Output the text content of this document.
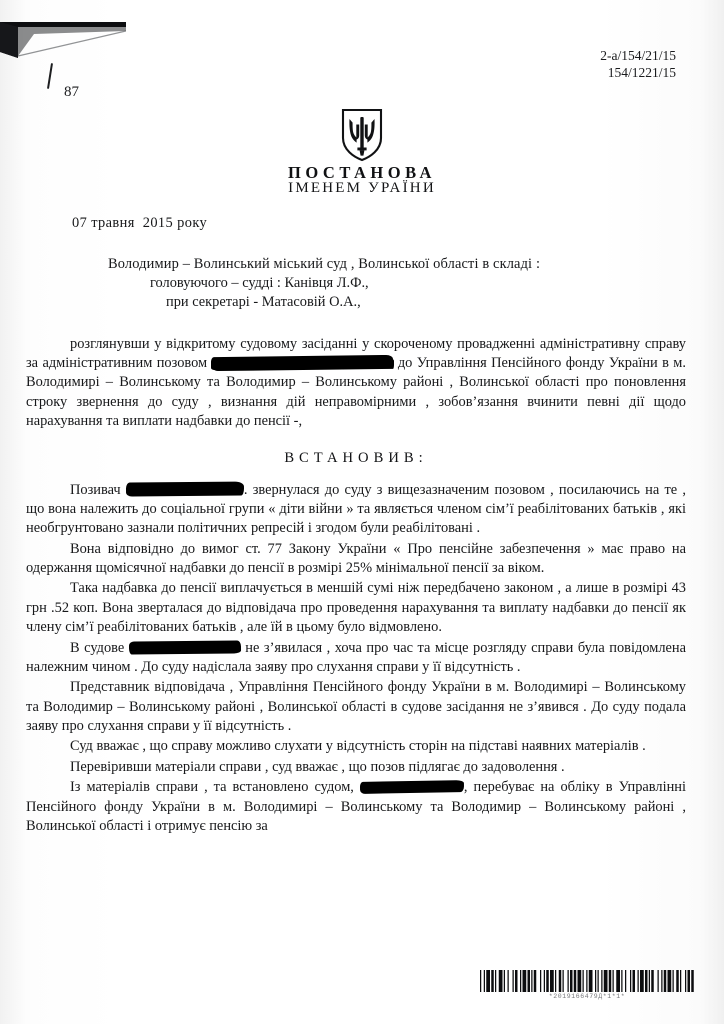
87
2-а/154/21/15
154/1221/15
ПОСТАНОВА
ІМЕНЕМ УРАЇНИ
07 травня  2015 року
Володимир – Волинський міський суд , Волинської області в складі :
головуючого – судді : Канівця Л.Ф.,
при секретарі - Матасовій О.А.,
розглянувши у відкритому судовому засіданні у скороченому провадженні адміністративну справу за адміністративним позовом	до Управління Пенсійного фонду України в м. Володимирі – Волинському та Володимир – Волинському районі , Волинської області про поновлення строку звернення до суду , визнання дій неправомірними , зобов’язання вчинити певні дії щодо нарахування та виплати надбавки до пенсії -,
ВСТАНОВИВ:
Позивач	. звернулася до суду з вищезазначеним позовом , посилаючись на те , що вона належить до соціальної групи « діти війни » та являється членом сім’ї реабілітованих батьків , які необгрунтовано зазнали політичних репресій і згодом були реабілітовані .
Вона відповідно до вимог ст. 77 Закону України « Про пенсійне забезпечення » має право на одержання щомісячної надбавки до пенсії в розмірі 25% мінімальної пенсії за віком.
Така надбавка до пенсії виплачується в меншій сумі ніж передбачено законом , а лише в розмірі 43 грн .52 коп. Вона зверталася до відповідача про проведення нарахування та виплату надбавки до пенсії як члену сім’ї реабілітованих батьків , але їй в цьому було відмовлено.
В судове	не з’явилася , хоча про час та місце розгляду справи була повідомлена належним чином . До суду надіслала заяву про слухання справи у її відсутність .
Представник відповідача , Управління Пенсійного фонду України в м. Володимирі – Волинському та Володимир – Волинському районі , Волинської області в судове засідання не з’явився . До суду подала заяву про слухання справи у її відсутність .
Суд вважає , що справу можливо слухати у відсутність сторін на підставі наявних матеріалів .
Перевіривши матеріали справи , суд вважає , що позов підлягає до задоволення .
Із матеріалів справи , та встановлено судом,	, перебуває на обліку в Управлінні Пенсійного фонду України в м. Володимирі – Волинському та Володимир – Волинському районі , Волинської області і отримує пенсію за
*2019166479Д*1*1*
